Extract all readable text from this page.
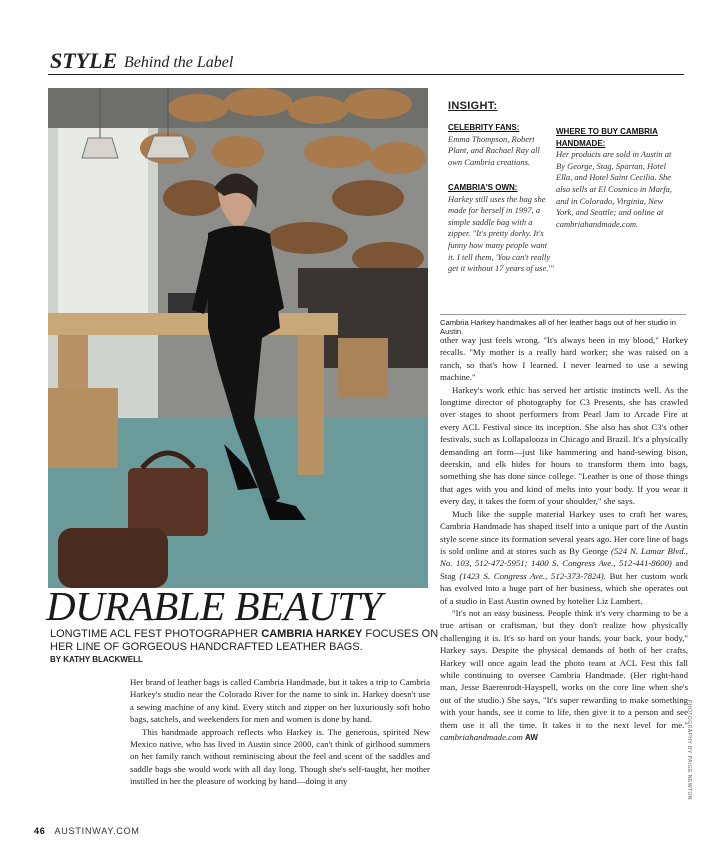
STYLE Behind the Label
INSIGHT:
CELEBRITY FANS:
Emma Thompson, Robert Plant, and Rachael Ray all own Cambria creations.
CAMBRIA'S OWN:
Harkey still uses the bag she made for herself in 1997, a simple saddle bag with a zipper. "It's pretty dorky. It's funny how many people want it. I tell them, 'You can't really get it without 17 years of use.'"
WHERE TO BUY CAMBRIA HANDMADE:
Her products are sold in Austin at By George, Stag, Spartan, Hotel Ella, and Hotel Saint Cecilia. She also sells at El Cosmico in Marfa, and in Colorado, Virginia, New York, and Seattle; and online at cambriahandmade.com.
Cambria Harkey handmakes all of her leather bags out of her studio in Austin.
DURABLE BEAUTY
LONGTIME ACL FEST PHOTOGRAPHER CAMBRIA HARKEY FOCUSES ON HER LINE OF GORGEOUS HANDCRAFTED LEATHER BAGS.
BY KATHY BLACKWELL

Her brand of leather bags is called Cambria Handmade, but it takes a trip to Cambria Harkey's studio near the Colorado River for the name to sink in. Harkey doesn't use a sewing machine of any kind. Every stitch and zipper on her luxuriously soft hobo bags, satchels, and weekenders for men and women is done by hand.

This handmade approach reflects who Harkey is. The generous, spirited New Mexico native, who has lived in Austin since 2000, can't think of girlhood summers on her family ranch without reminiscing about the feel and scent of the saddles and saddle bags she would work with all day long. Though she's self-taught, her mother instilled in her the pleasure of working by hand—doing it any

other way just feels wrong. "It's always been in my blood," Harkey recalls. "My mother is a really hard worker; she was raised on a ranch, so that's how I learned. I never learned to use a sewing machine."

Harkey's work ethic has served her artistic instincts well. As the longtime director of photography for C3 Presents, she has crawled over stages to shoot performers from Pearl Jam to Arcade Fire at every ACL Festival since its inception. She also has shot C3's other festivals, such as Lollapalooza in Chicago and Brazil. It's a physically demanding art form—just like hammering and hand-sewing bison, deerskin, and elk hides for hours to transform them into bags, something she has done since college. "Leather is one of those things that ages with you and kind of melts into your body. If you wear it every day, it takes the form of your shoulder," she says.

Much like the supple material Harkey uses to craft her wares, Cambria Handmade has shaped itself into a unique part of the Austin style scene since its formation several years ago. Her core line of bags is sold online and at stores such as By George (524 N. Lamar Blvd., No. 103, 512-472-5951; 1400 S. Congress Ave., 512-441-8600) and Stag (1423 S. Congress Ave., 512-373-7824). But her custom work has evolved into a huge part of her business, which she operates out of a studio in East Austin owned by hotelier Liz Lambert.

"It's not an easy business. People think it's very charming to be a true artisan or craftsman, but they don't realize how physically challenging it is. It's so hard on your hands, your back, your body," Harkey says. Despite the physical demands of both of her crafts, Harkey will once again lead the photo team at ACL Fest this fall while continuing to oversee Cambria Handmade. (Her right-hand man, Jesse Baerenrodt-Hayspell, works on the core line when she's out of the studio.) She says, "It's super rewarding to make something with your hands, see it come to life, then give it to a person and see them use it all the time. It takes it to the next level for me." cambriahandmade.com AW	PHOTOGRAPHY BY PAIGE NEWTON
46 AUSTINWAY.COM
